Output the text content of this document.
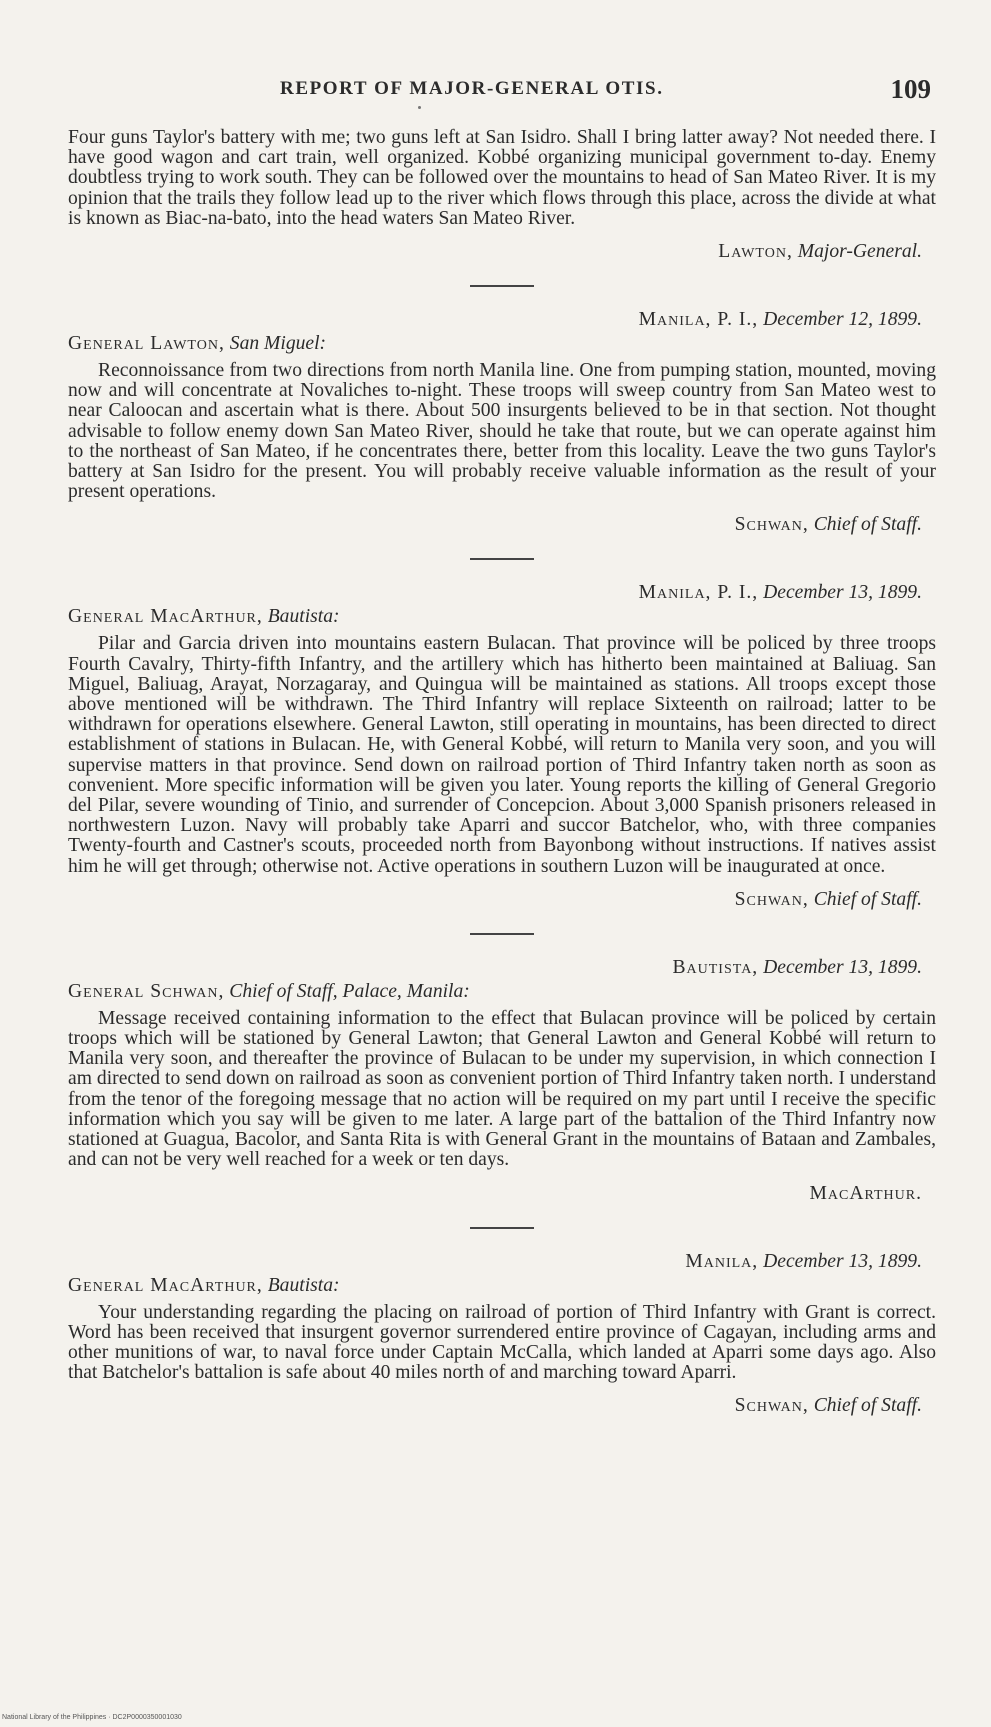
REPORT OF MAJOR-GENERAL OTIS.	109

Four guns Taylor's battery with me; two guns left at San Isidro. Shall I bring latter away? Not needed there. I have good wagon and cart train, well organized. Kobbé organizing municipal government to-day. Enemy doubtless trying to work south. They can be followed over the mountains to head of San Mateo River. It is my opinion that the trails they follow lead up to the river which flows through this place, across the divide at what is known as Biac-na-bato, into the head waters San Mateo River.

Lawton, Major-General.
Manila, P. I., December 12, 1899.
General Lawton, San Miguel:

Reconnoissance from two directions from north Manila line. One from pumping station, mounted, moving now and will concentrate at Novaliches to-night. These troops will sweep country from San Mateo west to near Caloocan and ascertain what is there. About 500 insurgents believed to be in that section. Not thought advisable to follow enemy down San Mateo River, should he take that route, but we can operate against him to the northeast of San Mateo, if he concentrates there, better from this locality. Leave the two guns Taylor's battery at San Isidro for the present. You will probably receive valuable information as the result of your present operations.

Schwan, Chief of Staff.
Manila, P. I., December 13, 1899.
General MacArthur, Bautista:

Pilar and Garcia driven into mountains eastern Bulacan. That province will be policed by three troops Fourth Cavalry, Thirty-fifth Infantry, and the artillery which has hitherto been maintained at Baliuag. San Miguel, Baliuag, Arayat, Norzagaray, and Quingua will be maintained as stations. All troops except those above mentioned will be withdrawn. The Third Infantry will replace Sixteenth on railroad; latter to be withdrawn for operations elsewhere. General Lawton, still operating in mountains, has been directed to direct establishment of stations in Bulacan. He, with General Kobbé, will return to Manila very soon, and you will supervise matters in that province. Send down on railroad portion of Third Infantry taken north as soon as convenient. More specific information will be given you later. Young reports the killing of General Gregorio del Pilar, severe wounding of Tinio, and surrender of Concepcion. About 3,000 Spanish prisoners released in northwestern Luzon. Navy will probably take Aparri and succor Batchelor, who, with three companies Twenty-fourth and Castner's scouts, proceeded north from Bayonbong without instructions. If natives assist him he will get through; otherwise not. Active operations in southern Luzon will be inaugurated at once.

Schwan, Chief of Staff.
Bautista, December 13, 1899.
General Schwan, Chief of Staff, Palace, Manila:

Message received containing information to the effect that Bulacan province will be policed by certain troops which will be stationed by General Lawton; that General Lawton and General Kobbé will return to Manila very soon, and thereafter the province of Bulacan to be under my supervision, in which connection I am directed to send down on railroad as soon as convenient portion of Third Infantry taken north. I understand from the tenor of the foregoing message that no action will be required on my part until I receive the specific information which you say will be given to me later. A large part of the battalion of the Third Infantry now stationed at Guagua, Bacolor, and Santa Rita is with General Grant in the mountains of Bataan and Zambales, and can not be very well reached for a week or ten days.

MacArthur.
Manila, December 13, 1899.
General MacArthur, Bautista:

Your understanding regarding the placing on railroad of portion of Third Infantry with Grant is correct. Word has been received that insurgent governor surrendered entire province of Cagayan, including arms and other munitions of war, to naval force under Captain McCalla, which landed at Aparri some days ago. Also that Batchelor's battalion is safe about 40 miles north of and marching toward Aparri.

Schwan, Chief of Staff.
National Library of the Philippines · DC2P0000350001030
